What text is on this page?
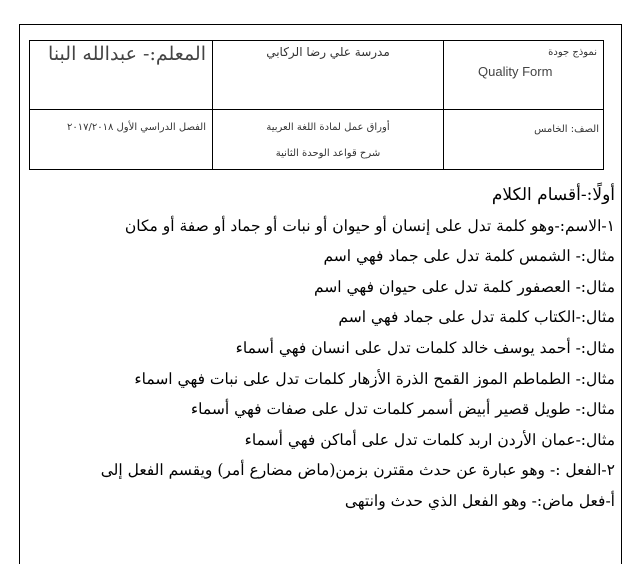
نموذج جودة
Quality Form
الصف: الخامس
مدرسة علي رضا الركابي
أوراق عمل لمادة اللغة العربية
شرح قواعد الوحدة الثانية
المعلم:- عبدالله البنا
الفصل الدراسي الأول ٢٠١٧/٢٠١٨
أولًا:-أقسام الكلام
١-الاسم:-وهو كلمة تدل على إنسان أو حيوان أو نبات أو جماد أو صفة أو مكان
مثال:- الشمس كلمة تدل على جماد فهي اسم
مثال:- العصفور كلمة تدل على حيوان فهي اسم
مثال:-الكتاب كلمة تدل على جماد فهي اسم
مثال:- أحمد يوسف خالد كلمات تدل على انسان فهي أسماء
مثال:- الطماطم الموز القمح الذرة الأزهار كلمات تدل على نبات فهي اسماء
مثال:- طويل قصير أبيض أسمر كلمات تدل على صفات فهي أسماء
مثال:-عمان الأردن اربد كلمات تدل على أماكن فهي أسماء
٢-الفعل :- وهو عبارة عن حدث مقترن بزمن(ماض مضارع أمر) ويقسم الفعل إلى
أ-فعل ماض:- وهو الفعل الذي حدث وانتهى
